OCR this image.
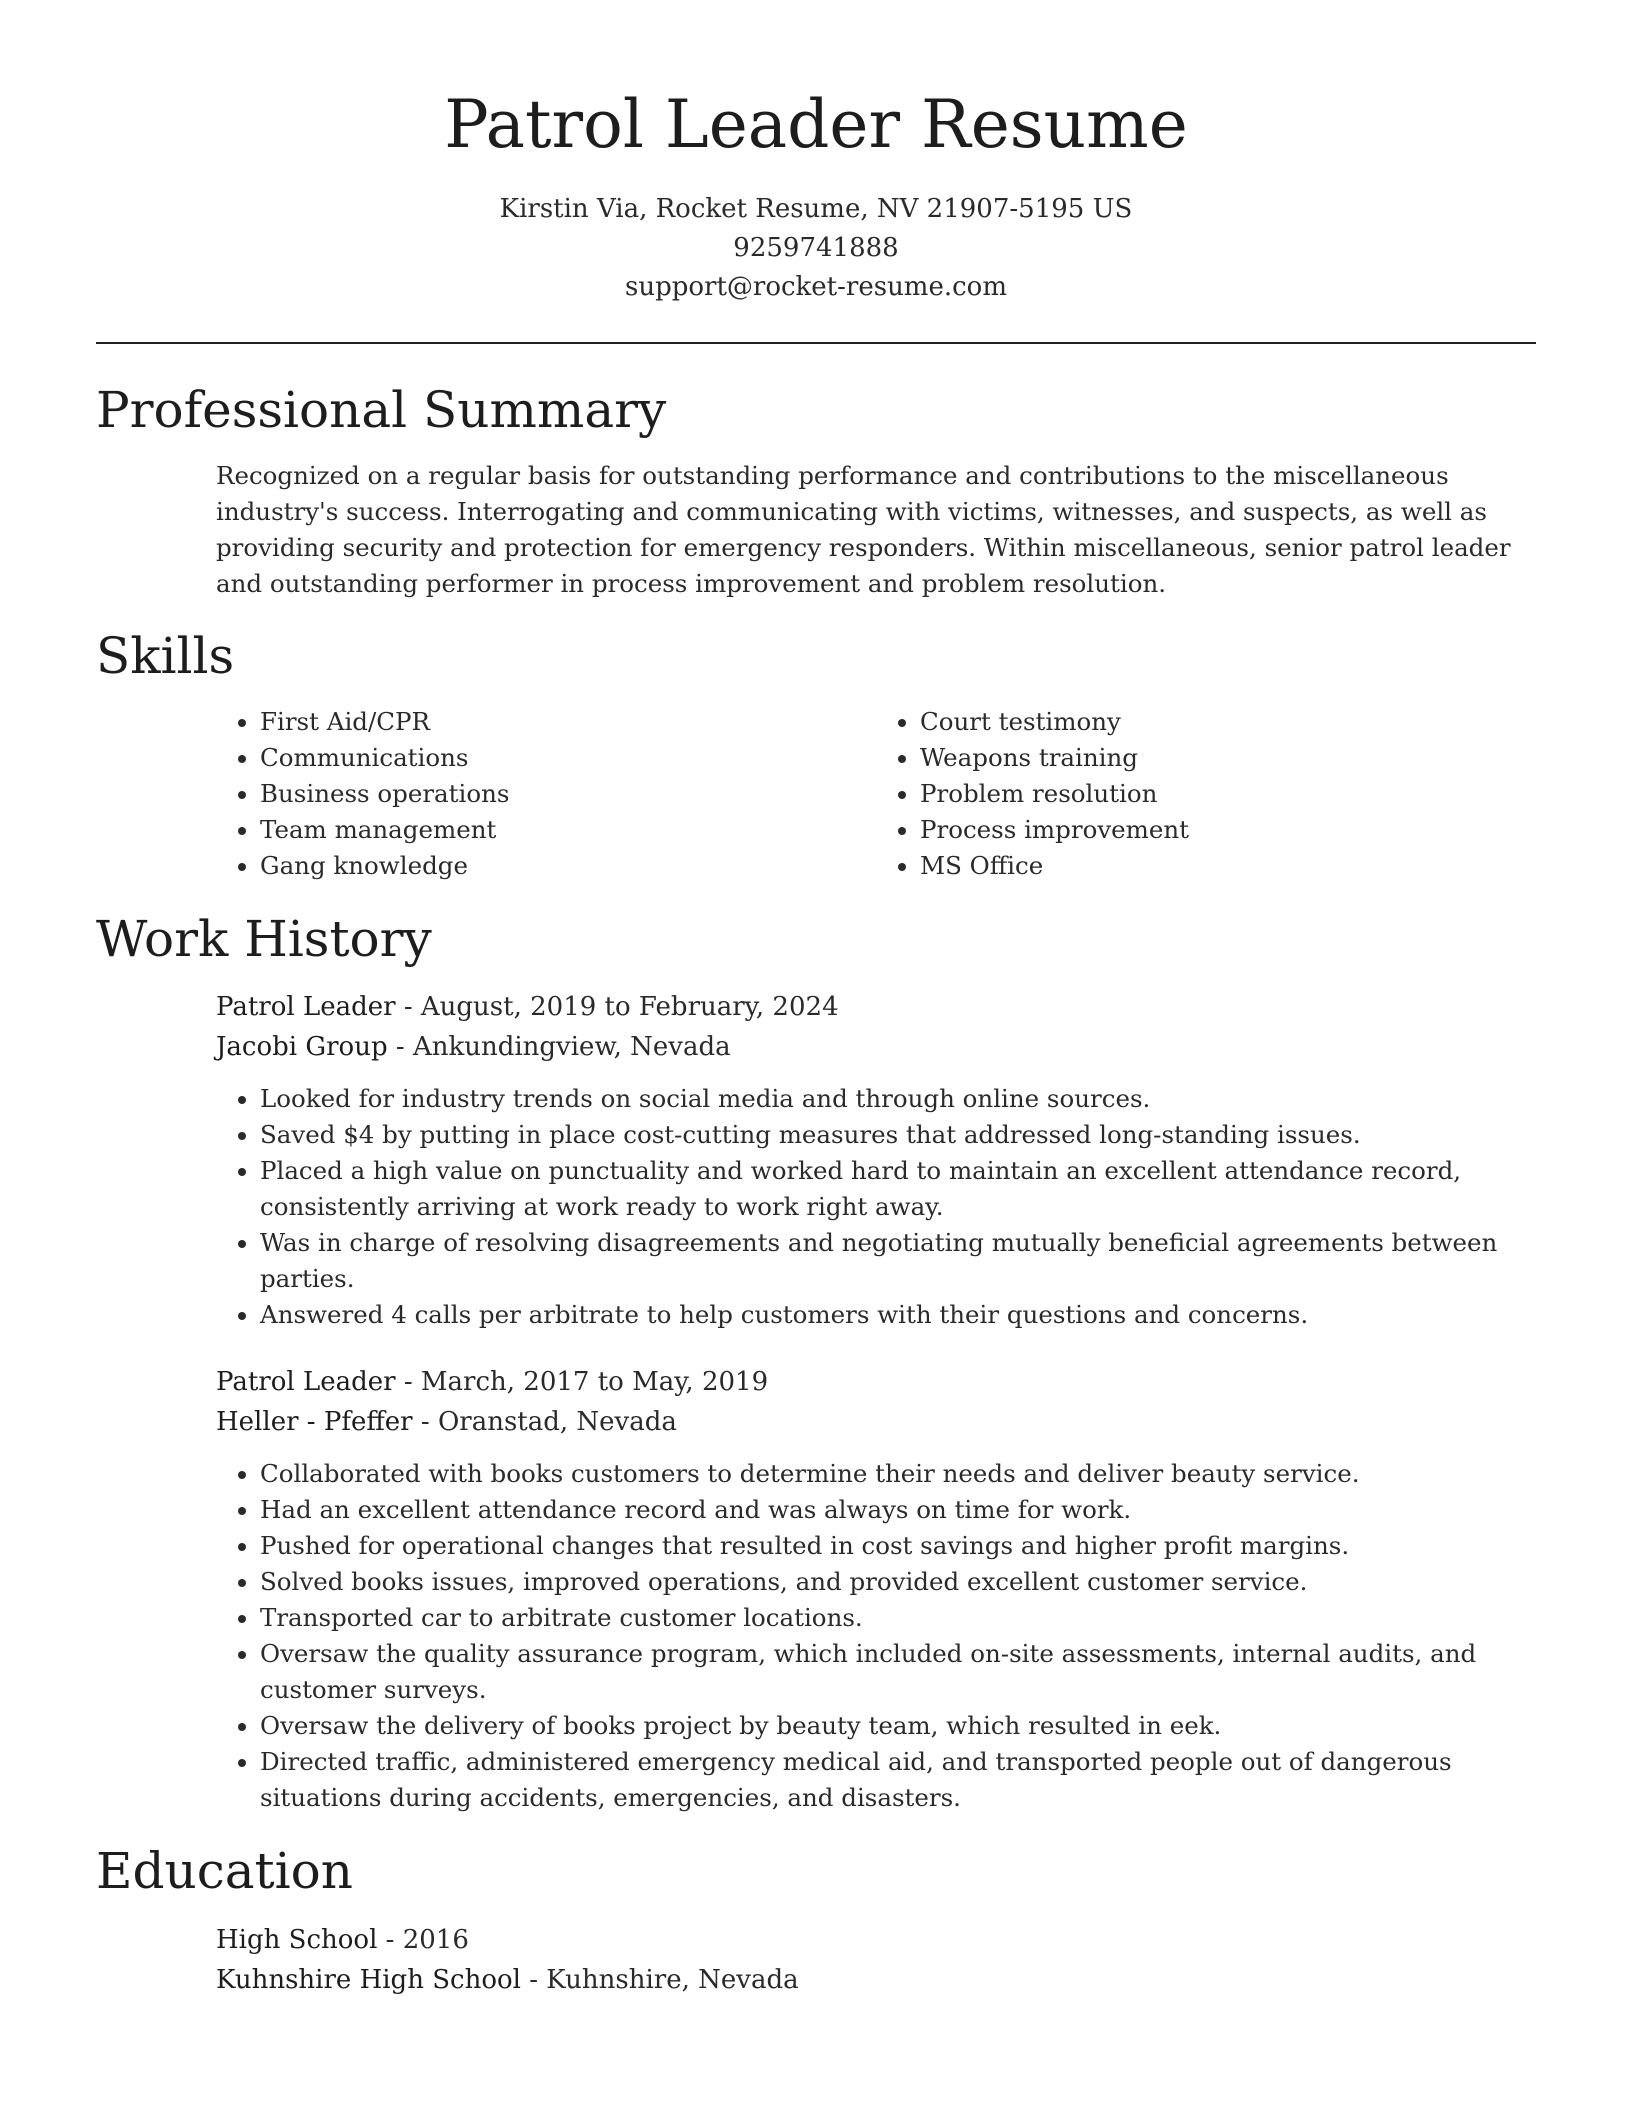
Patrol Leader Resume
Kirstin Via, Rocket Resume, NV 21907-5195 US
9259741888
support@rocket-resume.com
Professional Summary

Recognized on a regular basis for outstanding performance and contributions to the miscellaneous industry's success. Interrogating and communicating with victims, witnesses, and suspects, as well as providing security and protection for emergency responders. Within miscellaneous, senior patrol leader and outstanding performer in process improvement and problem resolution.

Skills
• First Aid/CPR
• Communications
• Business operations
• Team management
• Gang knowledge
• Court testimony
• Weapons training
• Problem resolution
• Process improvement
• MS Office
Work History
Patrol Leader - August, 2019 to February, 2024
Jacobi Group - Ankundingview, Nevada
• Looked for industry trends on social media and through online sources.
• Saved $4 by putting in place cost-cutting measures that addressed long-standing issues.
• Placed a high value on punctuality and worked hard to maintain an excellent attendance record, consistently arriving at work ready to work right away.
• Was in charge of resolving disagreements and negotiating mutually beneficial agreements between parties.
• Answered 4 calls per arbitrate to help customers with their questions and concerns.
Patrol Leader - March, 2017 to May, 2019
Heller - Pfeffer - Oranstad, Nevada
• Collaborated with books customers to determine their needs and deliver beauty service.
• Had an excellent attendance record and was always on time for work.
• Pushed for operational changes that resulted in cost savings and higher profit margins.
• Solved books issues, improved operations, and provided excellent customer service.
• Transported car to arbitrate customer locations.
• Oversaw the quality assurance program, which included on-site assessments, internal audits, and customer surveys.
• Oversaw the delivery of books project by beauty team, which resulted in eek.
• Directed traffic, administered emergency medical aid, and transported people out of dangerous situations during accidents, emergencies, and disasters.
Education
High School - 2016
Kuhnshire High School - Kuhnshire, Nevada
